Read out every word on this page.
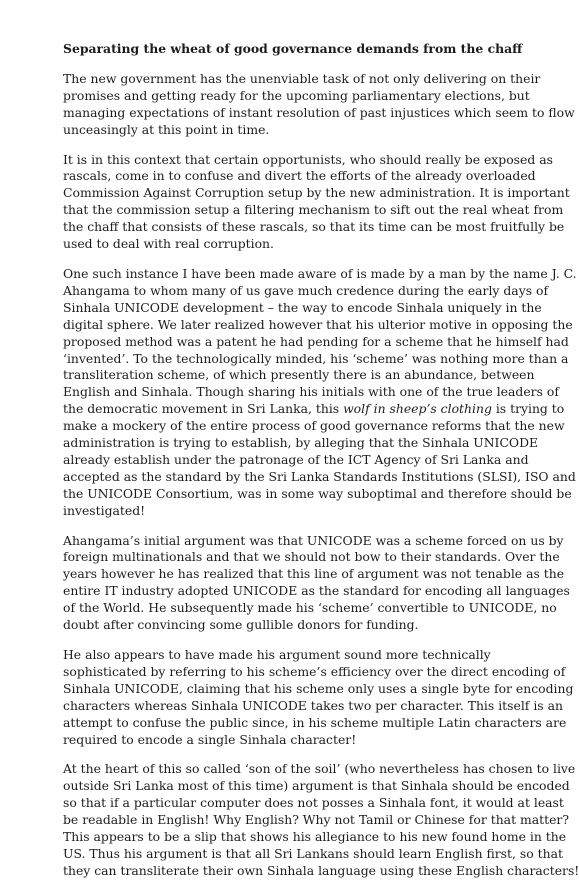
Separating the wheat of good governance demands from the chaff

The new government has the unenviable task of not only delivering on their
promises and getting ready for the upcoming parliamentary elections, but
managing expectations of instant resolution of past injustices which seem to flow
unceasingly at this point in time.

It is in this context that certain opportunists, who should really be exposed as
rascals, come in to confuse and divert the efforts of the already overloaded
Commission Against Corruption setup by the new administration. It is important
that the commission setup a filtering mechanism to sift out the real wheat from
the chaff that consists of these rascals, so that its time can be most fruitfully be
used to deal with real corruption.

One such instance I have been made aware of is made by a man by the name J. C.
Ahangama to whom many of us gave much credence during the early days of
Sinhala UNICODE development – the way to encode Sinhala uniquely in the
digital sphere. We later realized however that his ulterior motive in opposing the
proposed method was a patent he had pending for a scheme that he himself had
‘invented’. To the technologically minded, his ‘scheme’ was nothing more than a
transliteration scheme, of which presently there is an abundance, between
English and Sinhala. Though sharing his initials with one of the true leaders of
the democratic movement in Sri Lanka, this wolf in sheep’s clothing is trying to
make a mockery of the entire process of good governance reforms that the new
administration is trying to establish, by alleging that the Sinhala UNICODE
already establish under the patronage of the ICT Agency of Sri Lanka and
accepted as the standard by the Sri Lanka Standards Institutions (SLSI), ISO and
the UNICODE Consortium, was in some way suboptimal and therefore should be
investigated!

Ahangama’s initial argument was that UNICODE was a scheme forced on us by
foreign multinationals and that we should not bow to their standards. Over the
years however he has realized that this line of argument was not tenable as the
entire IT industry adopted UNICODE as the standard for encoding all languages
of the World. He subsequently made his ‘scheme’ convertible to UNICODE, no
doubt after convincing some gullible donors for funding.

He also appears to have made his argument sound more technically
sophisticated by referring to his scheme’s efficiency over the direct encoding of
Sinhala UNICODE, claiming that his scheme only uses a single byte for encoding
characters whereas Sinhala UNICODE takes two per character. This itself is an
attempt to confuse the public since, in his scheme multiple Latin characters are
required to encode a single Sinhala character!

At the heart of this so called ‘son of the soil’ (who nevertheless has chosen to live
outside Sri Lanka most of this time) argument is that Sinhala should be encoded
so that if a particular computer does not posses a Sinhala font, it would at least
be readable in English! Why English? Why not Tamil or Chinese for that matter?
This appears to be a slip that shows his allegiance to his new found home in the
US. Thus his argument is that all Sri Lankans should learn English first, so that
they can transliterate their own Sinhala language using these English characters!
